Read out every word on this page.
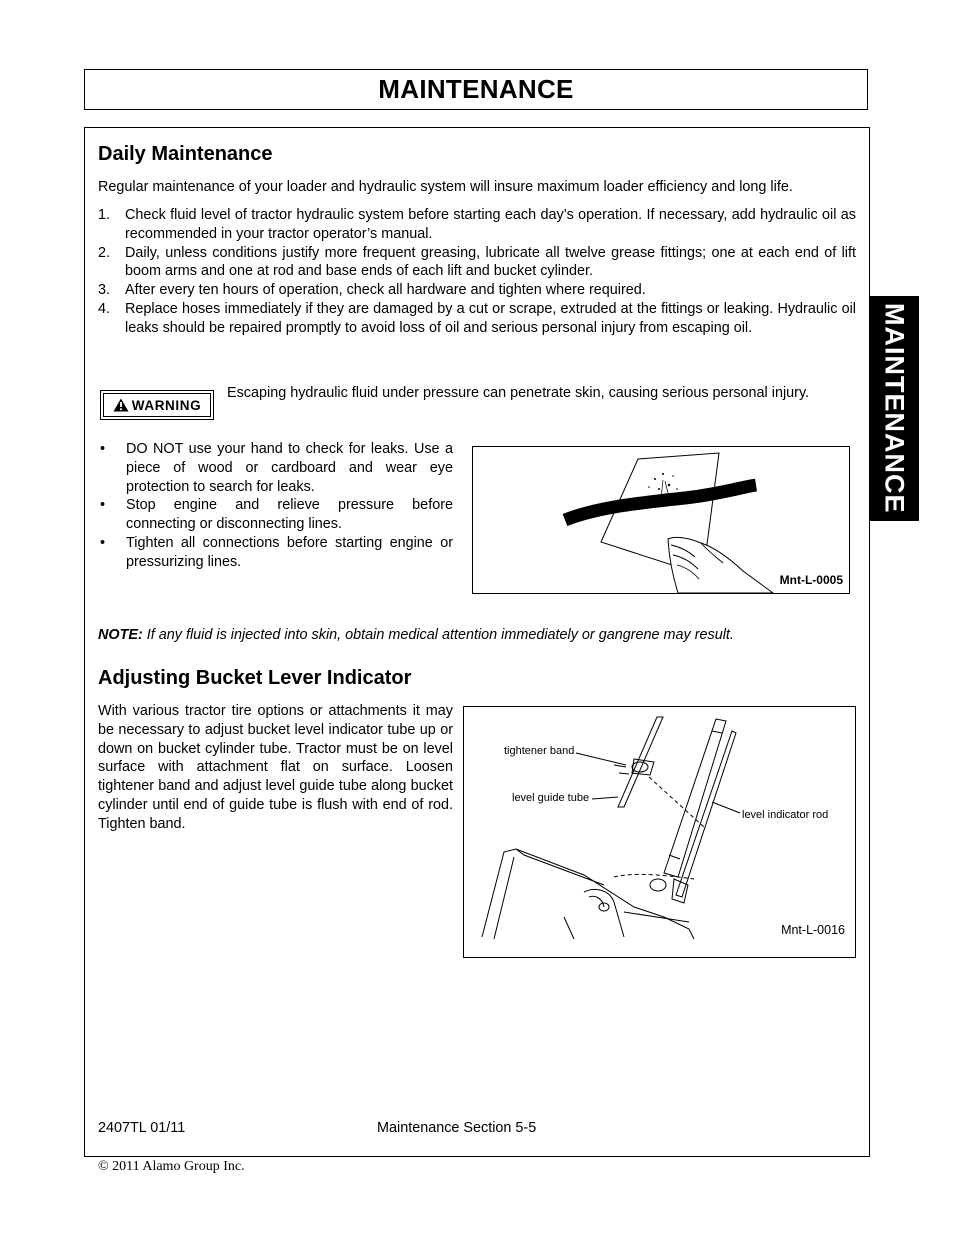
MAINTENANCE
MAINTENANCE
Daily Maintenance

Regular maintenance of your loader and hydraulic system will insure maximum loader efficiency and long life.

1.	Check fluid level of tractor hydraulic system before starting each day’s operation. If necessary, add hydraulic oil as recommended in your tractor operator’s manual.
2.	Daily, unless conditions justify more frequent greasing, lubricate all twelve grease fittings; one at each end of lift boom arms and one at rod and base ends of each lift and bucket cylinder.
3.	After every ten hours of operation, check all hardware and tighten where required.
4.	Replace hoses immediately if they are damaged by a cut or scrape, extruded at the fittings or leaking. Hydraulic oil leaks should be repaired promptly to avoid loss of oil and serious personal injury from escaping oil.
WARNING

Escaping hydraulic fluid under pressure can penetrate skin, causing serious personal injury.

•	DO NOT use your hand to check for leaks. Use a piece of wood or cardboard and wear eye protection to search for leaks.
•	Stop engine and relieve pressure before connecting or disconnecting lines.
•	Tighten all connections before starting engine or pressurizing lines.
Mnt-L-0005

NOTE: If any fluid is injected into skin, obtain medical attention immediately or gangrene may result.

Adjusting Bucket Lever Indicator

With various tractor tire options or attachments it may be necessary to adjust bucket level indicator tube up or down on bucket cylinder tube. Tractor must be on level surface with attachment flat on surface. Loosen tightener band and adjust level guide tube along bucket cylinder until end of guide tube is flush with end of rod. Tighten band.

tightener band
level guide tube
level indicator rod
Mnt-L-0016
2407TL 01/11	Maintenance Section 5-5
© 2011 Alamo Group Inc.
